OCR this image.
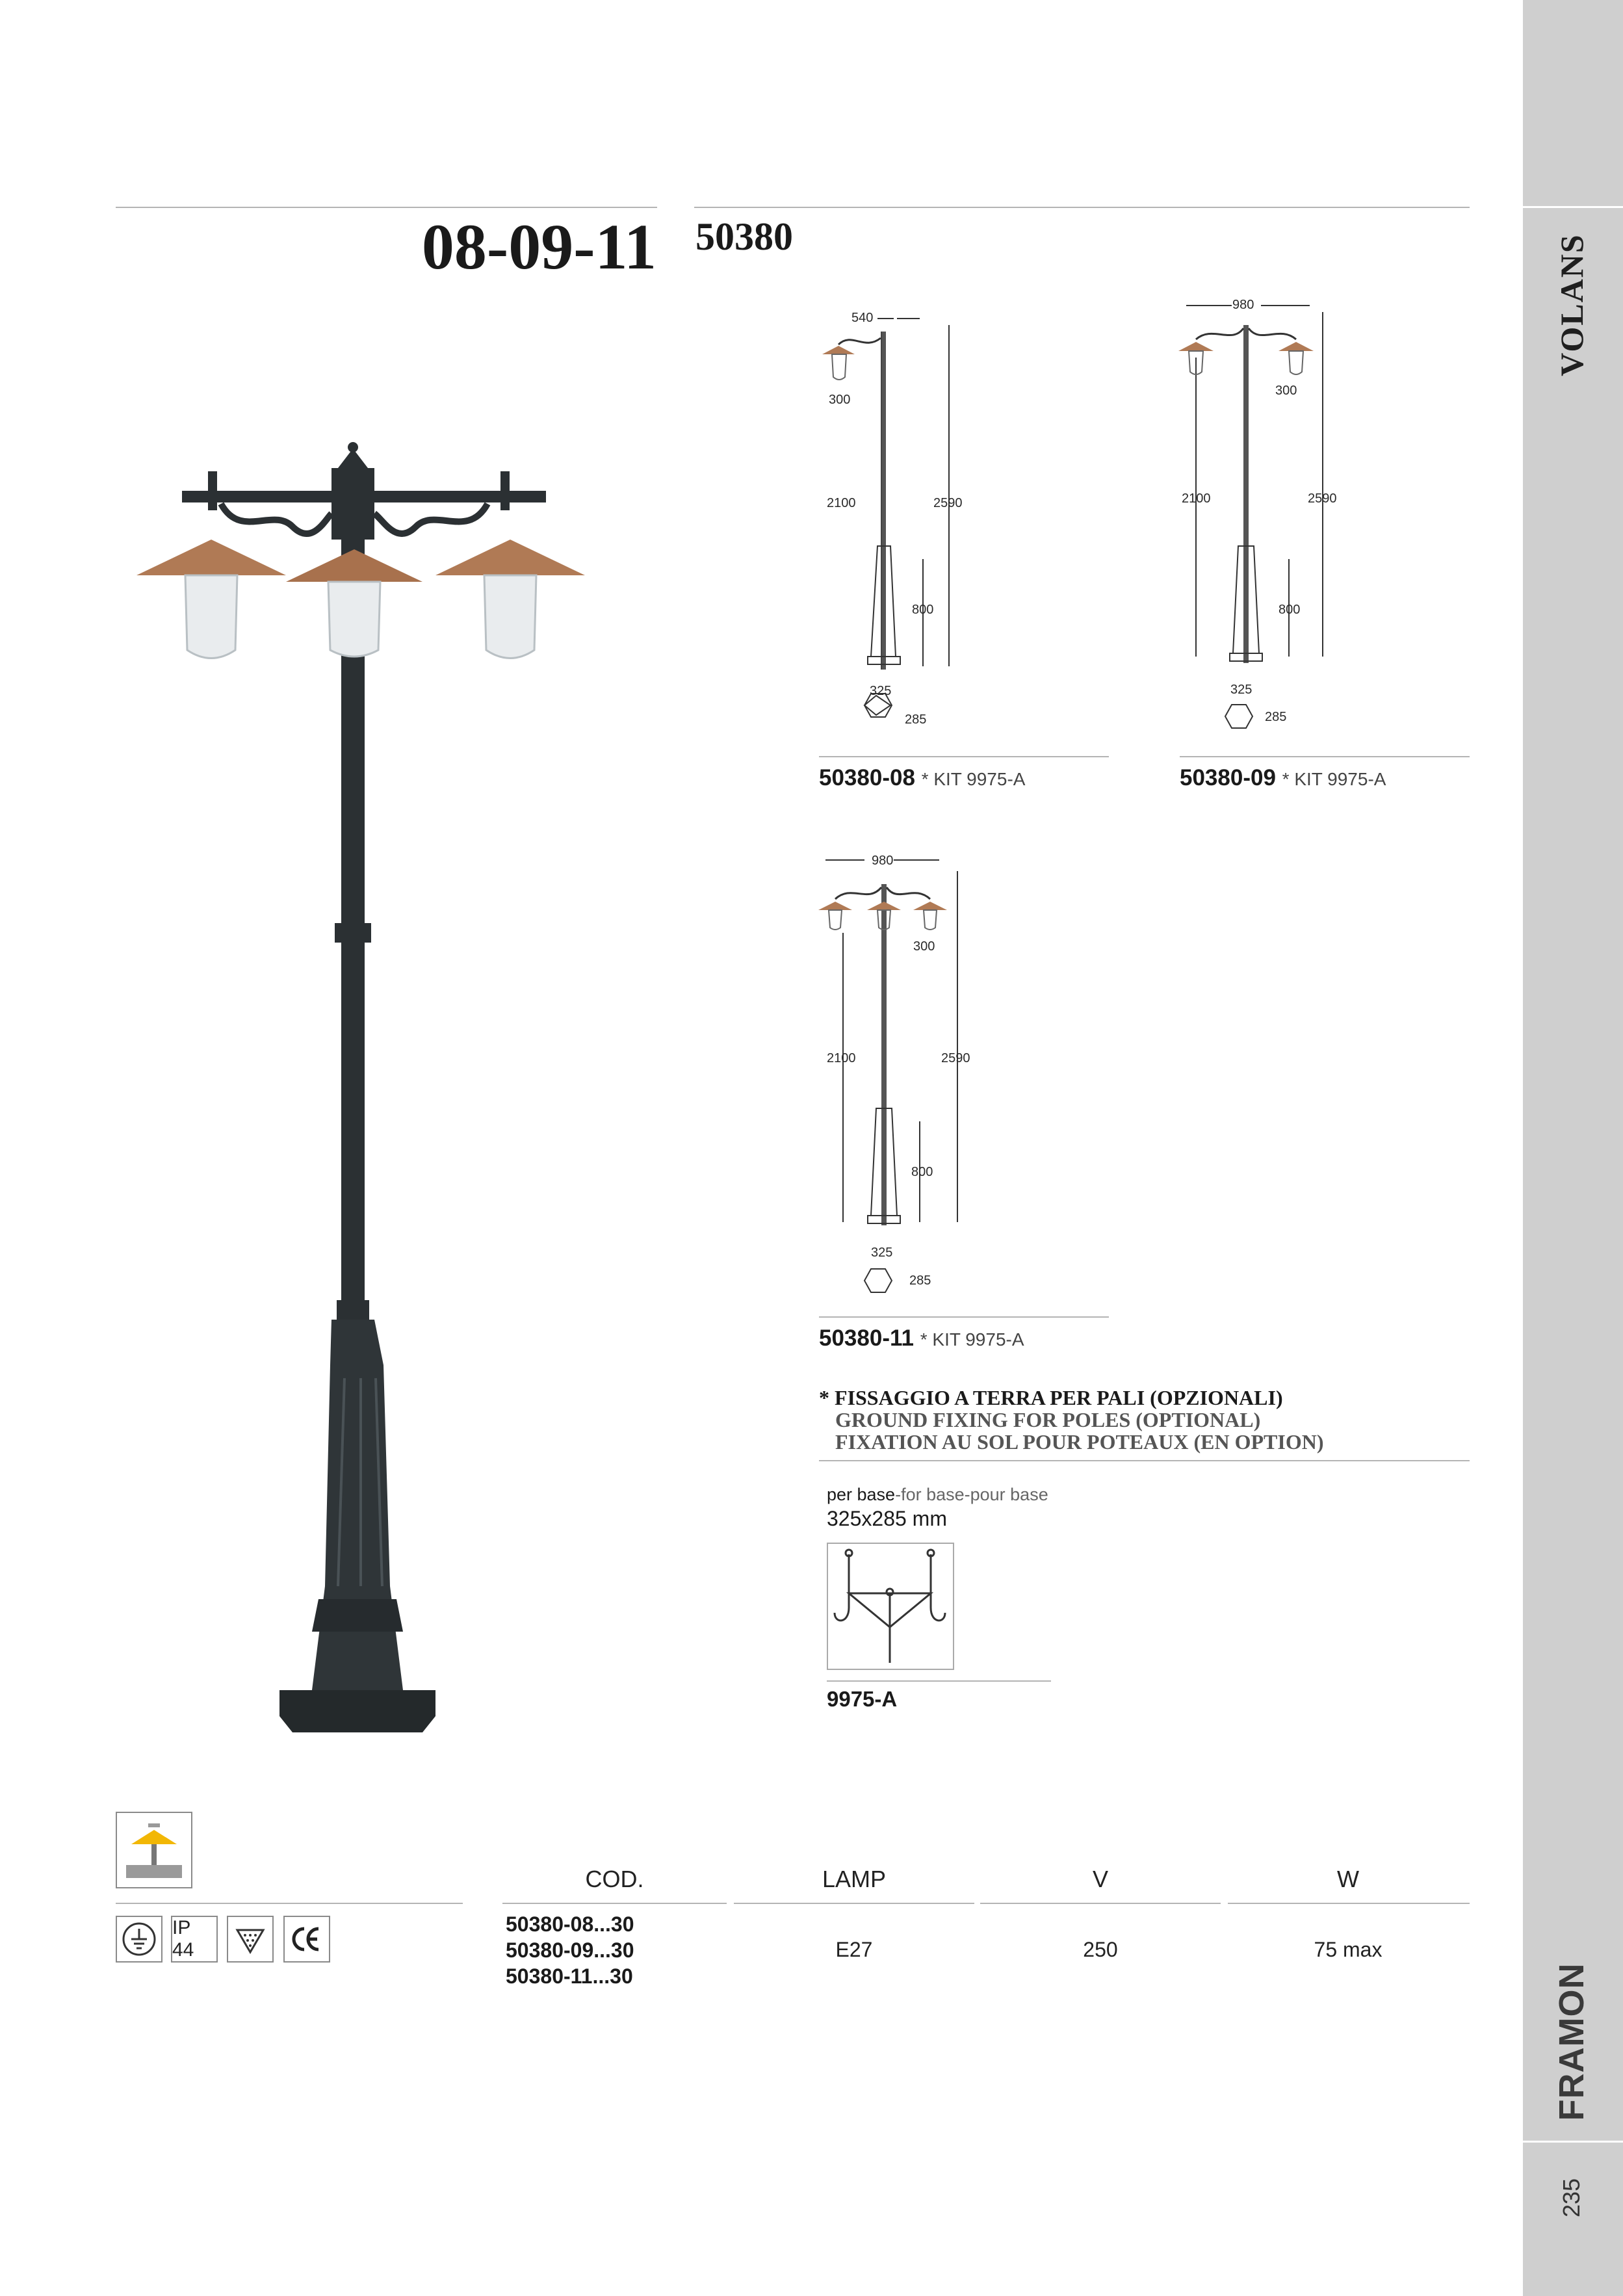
VOLANS
FRAMON
235
08-09-11 50380
540
300
2100	2590
800
325
285
50380-08 * KIT 9975-A
980
300
2100	2590
800
325
285
50380-09 * KIT 9975-A
980
300
2100	2590
800
325
285
50380-11 * KIT 9975-A
* FISSAGGIO A TERRA PER PALI (OPZIONALI)
GROUND FIXING FOR POLES (OPTIONAL)
FIXATION AU SOL POUR POTEAUX (EN OPTION)
per base-for base-pour base
325x285 mm
9975-A
IP 44
COD.	LAMP	V	W
50380-08...30
50380-09...30
50380-11...30
E27	250	75 max
